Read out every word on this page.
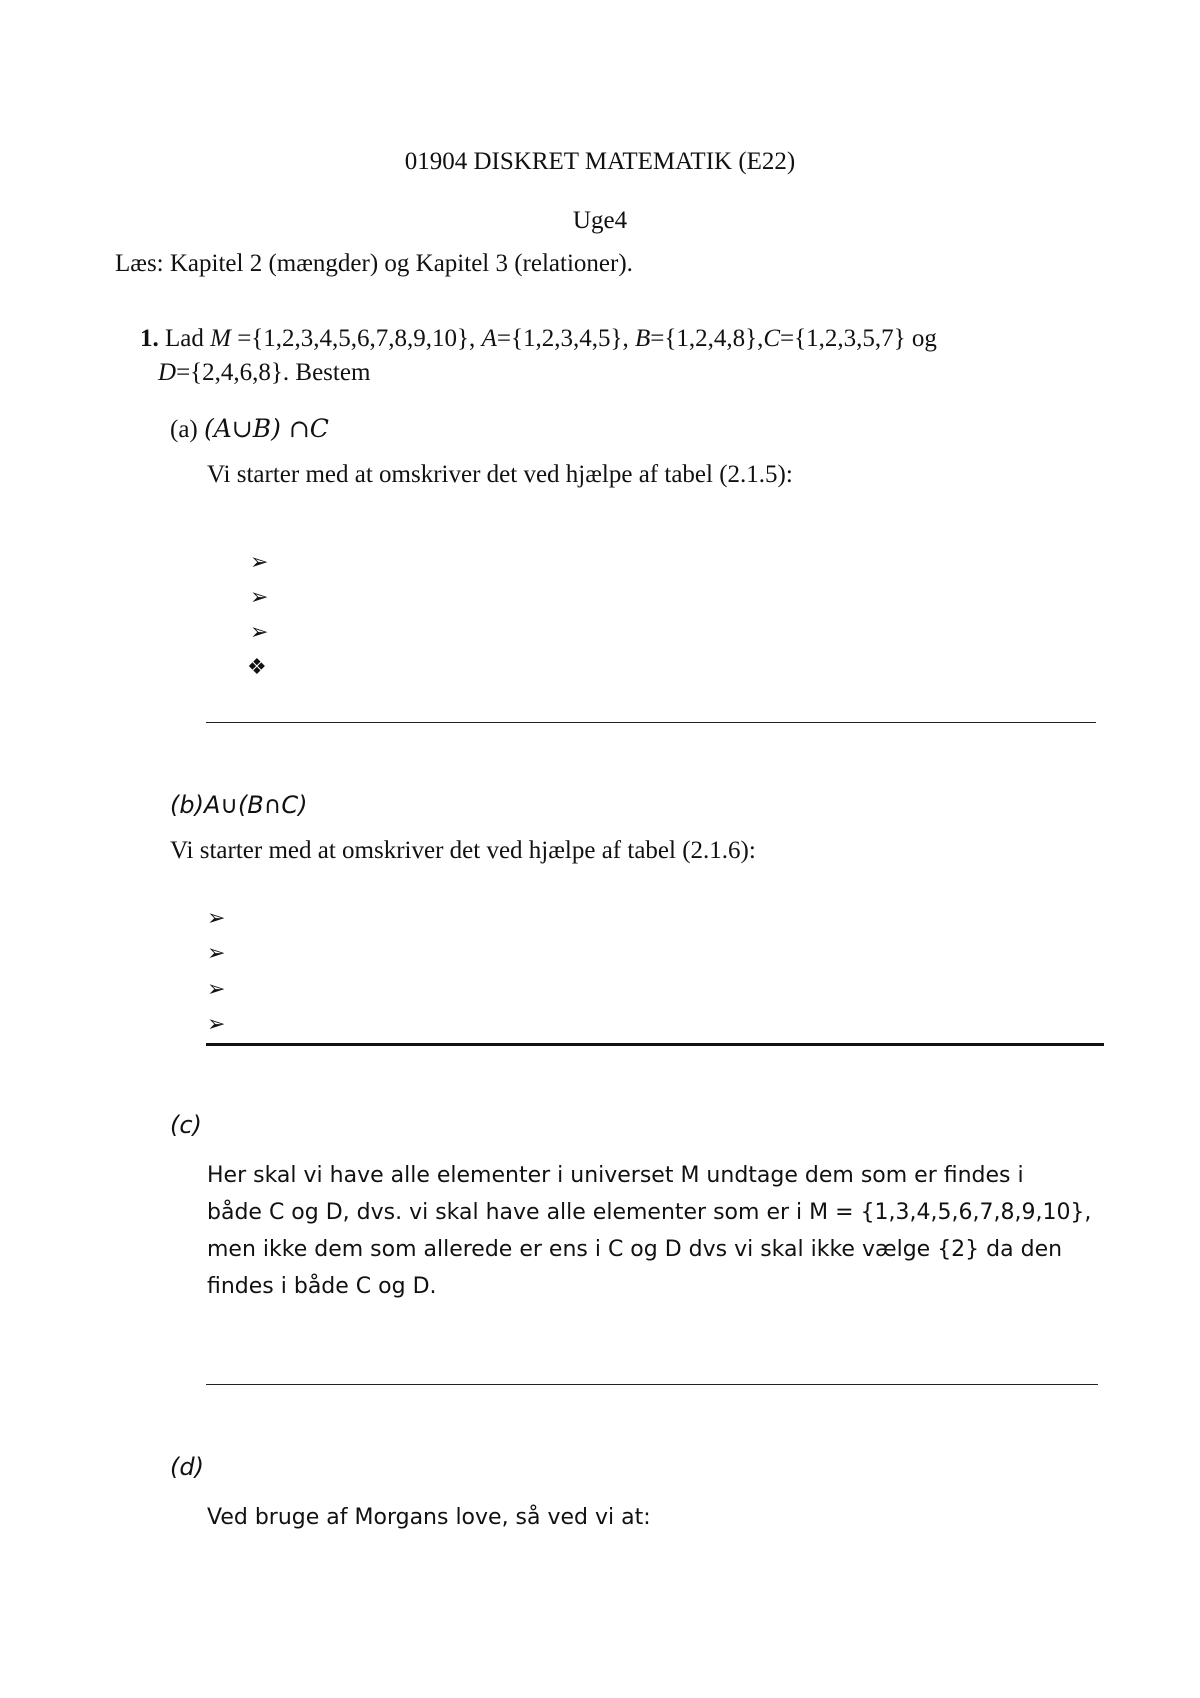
01904 DISKRET MATEMATIK (E22)
Uge4
Læs: Kapitel 2 (mængder) og Kapitel 3 (relationer).
1. Lad M ={1,2,3,4,5,6,7,8,9,10}, A={1,2,3,4,5}, B={1,2,4,8},C={1,2,3,5,7} og
D={2,4,6,8}. Bestem
(a) (A∪B) ∩C
Vi starter med at omskriver det ved hjælpe af tabel (2.1.5):
➢
➢
➢
❖
(b)A∪(B∩C)
Vi starter med at omskriver det ved hjælpe af tabel (2.1.6):
➢
➢
➢
➢
(c)
Her skal vi have alle elementer i universet M undtage dem som er findes i
både C og D, dvs. vi skal have alle elementer som er i M = {1,3,4,5,6,7,8,9,10},
men ikke dem som allerede er ens i C og D dvs vi skal ikke vælge {2} da den
findes i både C og D.
(d)
Ved bruge af Morgans love, så ved vi at:
